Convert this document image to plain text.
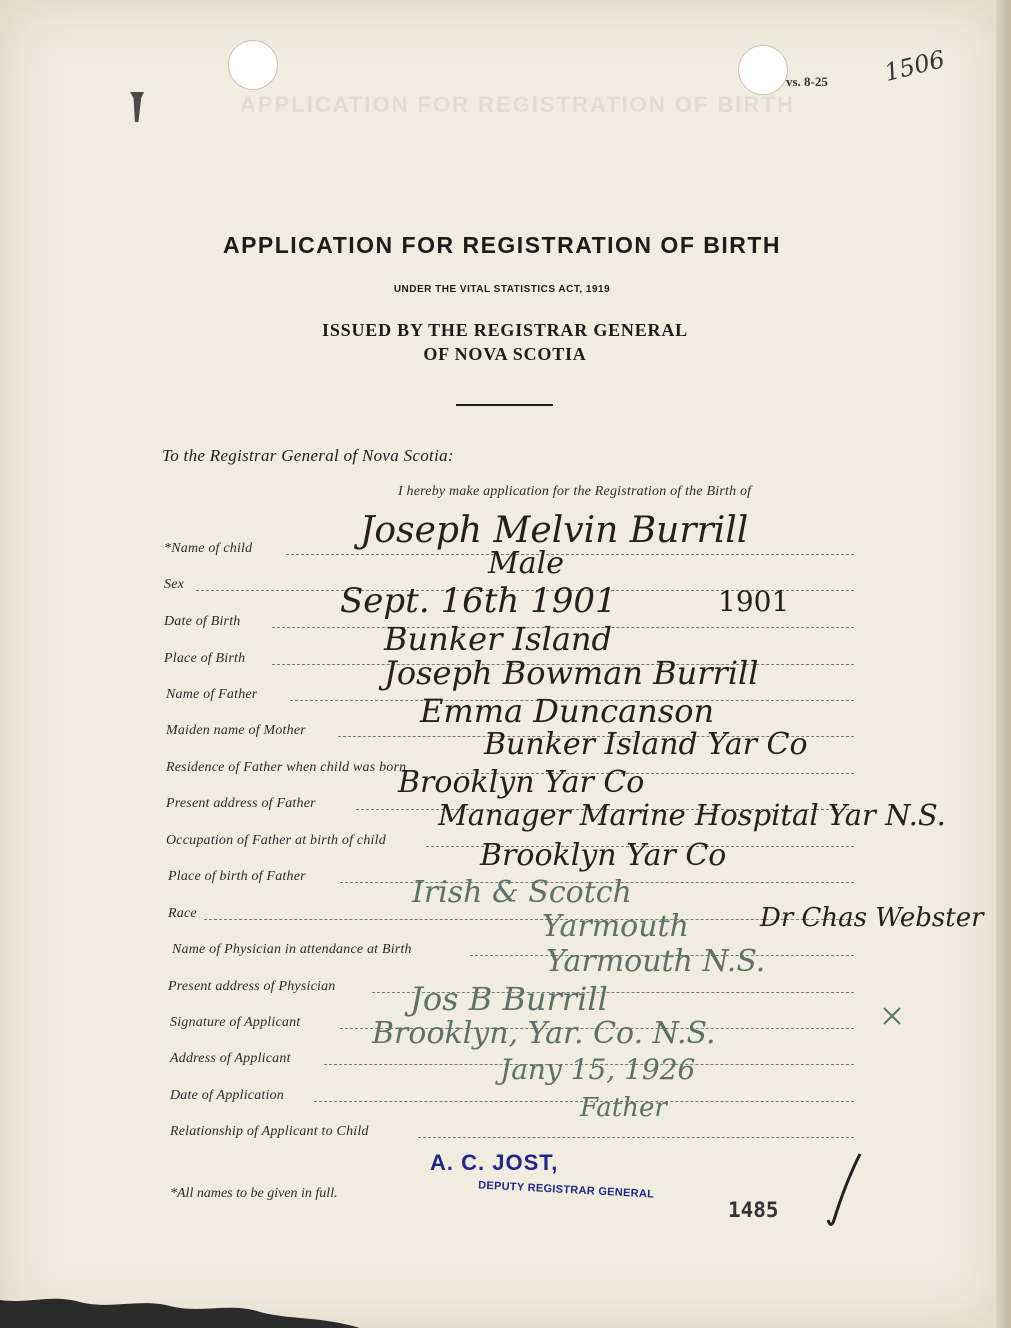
APPLICATION FOR REGISTRATION OF BIRTH
vs. 8-25 1506
APPLICATION FOR REGISTRATION OF BIRTH
UNDER THE VITAL STATISTICS ACT, 1919
ISSUED BY THE REGISTRAR GENERAL
OF NOVA SCOTIA
To the Registrar General of Nova Scotia:
I hereby make application for the Registration of the Birth of
*Name of child	Joseph Melvin Burrill
Sex
Male
Date of Birth
Sept. 16th 1901	1901
Place of Birth
Bunker Island
Name of Father
Joseph Bowman Burrill
Maiden name of Mother
Emma Duncanson
Residence of Father when child was born
Bunker Island Yar Co
Present address of Father
Brooklyn Yar Co
Occupation of Father at birth of child
Manager Marine Hospital Yar N.S.
Place of birth of Father
Brooklyn Yar Co
Race
Irish & Scotch
Name of Physician in attendance at Birth
Yarmouth	Dr Chas Webster
Present address of Physician
Yarmouth N.S.
Signature of Applicant
Jos B Burrill
Address of Applicant
Brooklyn, Yar. Co. N.S.
Date of Application
Jany 15, 1926
Relationship of Applicant to Child
Father
*All names to be given in full.
A. C. JOST,
DEPUTY REGISTRAR GENERAL
1485
